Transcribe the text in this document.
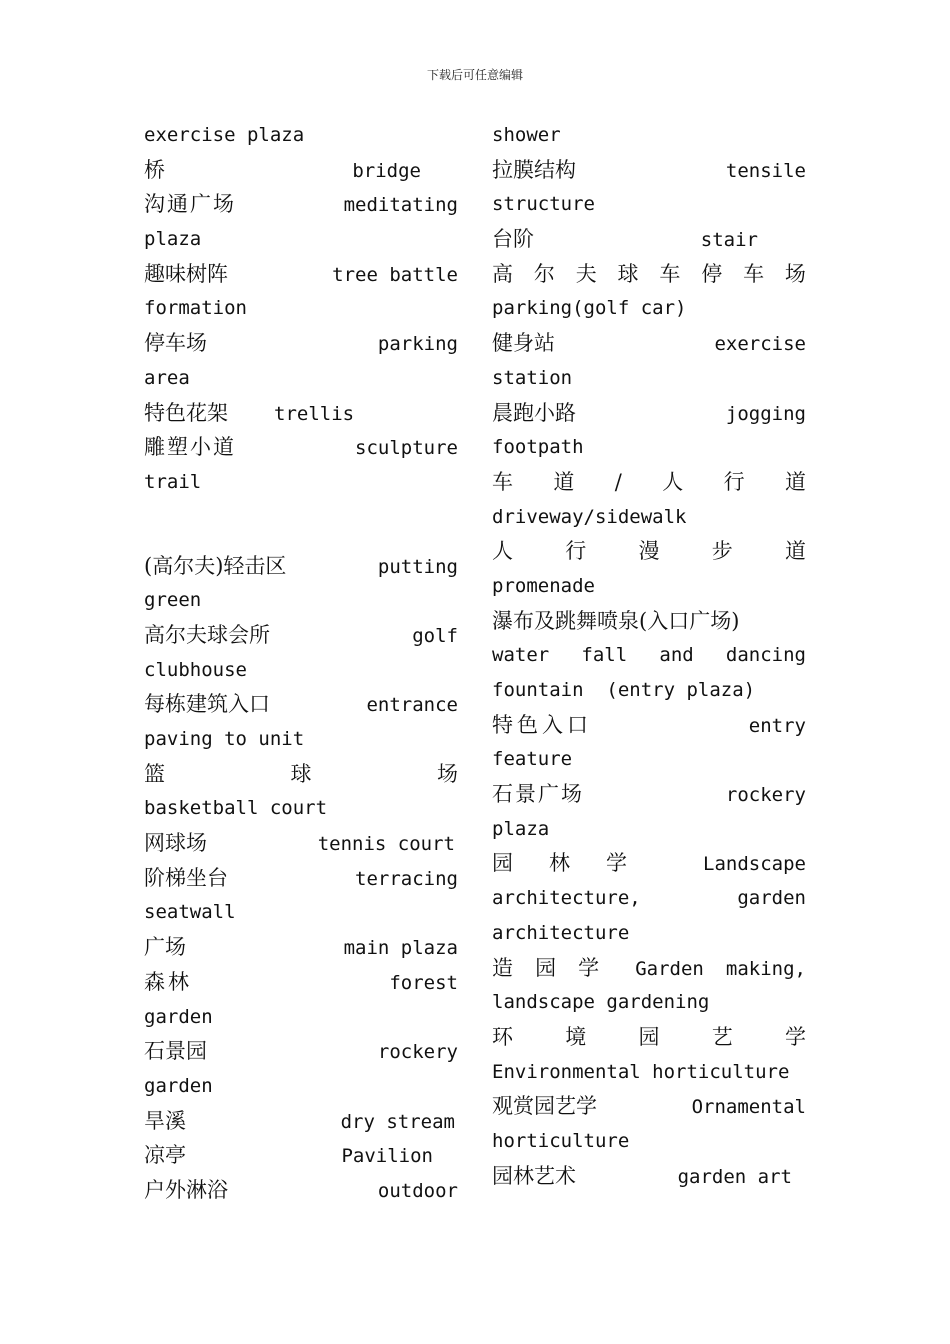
下载后可任意编辑
exercise plaza
桥	bridge
沟通广场	meditating
plaza
趣味树阵	tree battle
formation
停车场	parking
area
特色花架 trellis
雕塑小道	sculpture
trail
(高尔夫)轻击区	putting
green
高尔夫球会所	golf
clubhouse
每栋建筑入口	entrance
paving to unit
篮	球	场
basketball court
网球场	tennis court
阶梯坐台	terracing
seatwall
广场	main plaza
森林	forest
garden
石景园	rockery
garden
旱溪	dry stream
凉亭	Pavilion
户外淋浴	outdoor
shower
拉膜结构	tensile
structure
台阶	stair
高 尔 夫 球 车 停 车 场
parking(golf car)
健身站	exercise
station
晨跑小路	jogging
footpath
车 道 / 人 行 道
driveway/sidewalk
人 行 漫 步 道
promenade
瀑布及跳舞喷泉(入口广场)
water fall and dancing
fountain  (entry plaza)
特色入口	entry
feature
石景广场	rockery
plaza
园 林 学	Landscape
architecture,	garden
architecture
造 园 学 Garden making,
landscape gardening
环 境 园 艺 学
Environmental horticulture
观赏园艺学	Ornamental
horticulture
园林艺术	garden art
